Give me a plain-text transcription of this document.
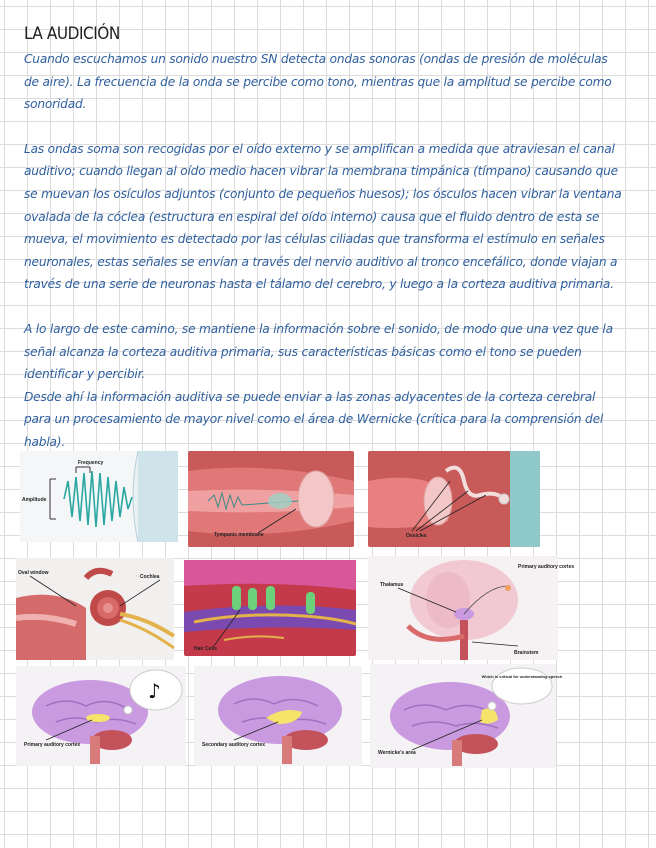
LA AUDICIÓN

Cuando escuchamos un sonido nuestro SN detecta ondas sonoras (ondas de presión de moléculas de aire). La frecuencia de la onda se percibe como tono, mientras que la amplitud se percibe como sonoridad.

Las ondas soma son recogidas por el oído externo y se amplifican a medida que atraviesan el canal auditivo; cuando llegan al oído medio hacen vibrar la membrana timpánica (tímpano) causando que se muevan los osículos adjuntos (conjunto de pequeños huesos); los ósculos hacen vibrar la ventana ovalada de la cóclea (estructura en espiral del oído interno) causa que el fluido dentro de esta se mueva, el movimiento es detectado por las células ciliadas que transforma el estímulo en señales neuronales, estas señales se envían a través del nervio auditivo al tronco encefálico, donde viajan a través de una serie de neuronas hasta el tálamo del cerebro, y luego a la corteza auditiva primaria.

A lo largo de este camino, se mantiene la información sobre el sonido, de modo que una vez que la señal alcanza la corteza auditiva primaria, sus características básicas como el tono se pueden identificar y percibir.

Desde ahí la información auditiva se puede enviar a las zonas adyacentes de la corteza cerebral para un procesamiento de mayor nivel como el área de Wernicke (crítica para la comprensión del habla).

Frequency
Amplitude
Tympanic membrane	Ossicles
Oval window
Cochlea
Hair Cells
Thalamus
Primary auditory cortex
Brainstem
♪
Primary auditory cortex	Secondary auditory cortex
Which is critical for understanding speech
Wernicke's area
